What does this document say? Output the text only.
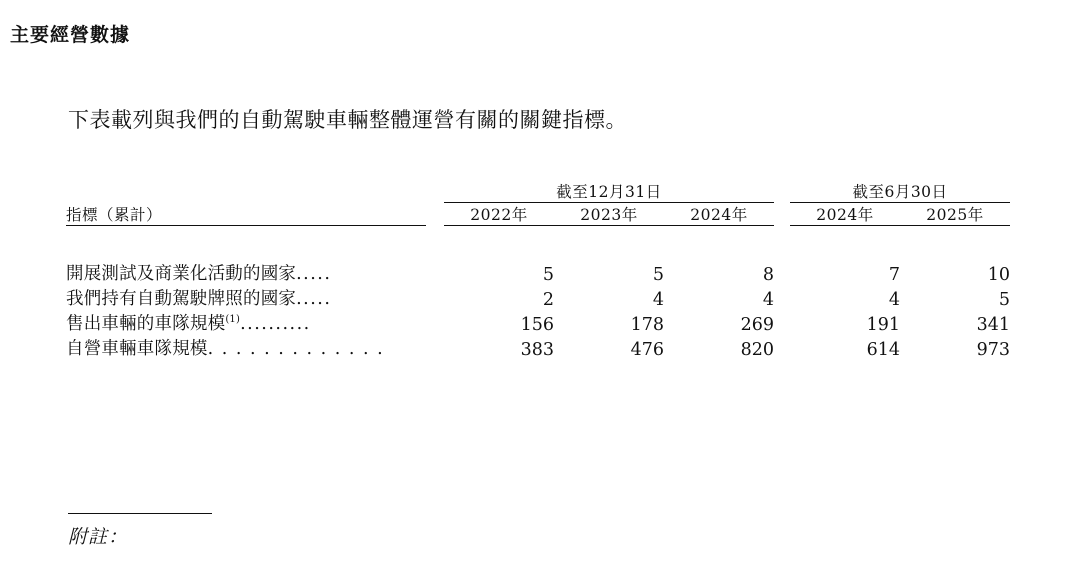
主要經營數據
下表載列與我們的自動駕駛車輛整體運營有關的關鍵指標。
		截至12月31日				截至6月30日	

指標（累計）		2022年	2023年	2024年		2024年	2025年

開展測試及商業化活動的國家.....		5	5	8		7	10
我們持有自動駕駛牌照的國家.....		2	4	4		4	5
售出車輛的車隊規模$^{(1)}$..........		156	178	269		191	341
自營車輛車隊規模. . . . . . . . . . . . .		383	476	820		614	973
附註：
